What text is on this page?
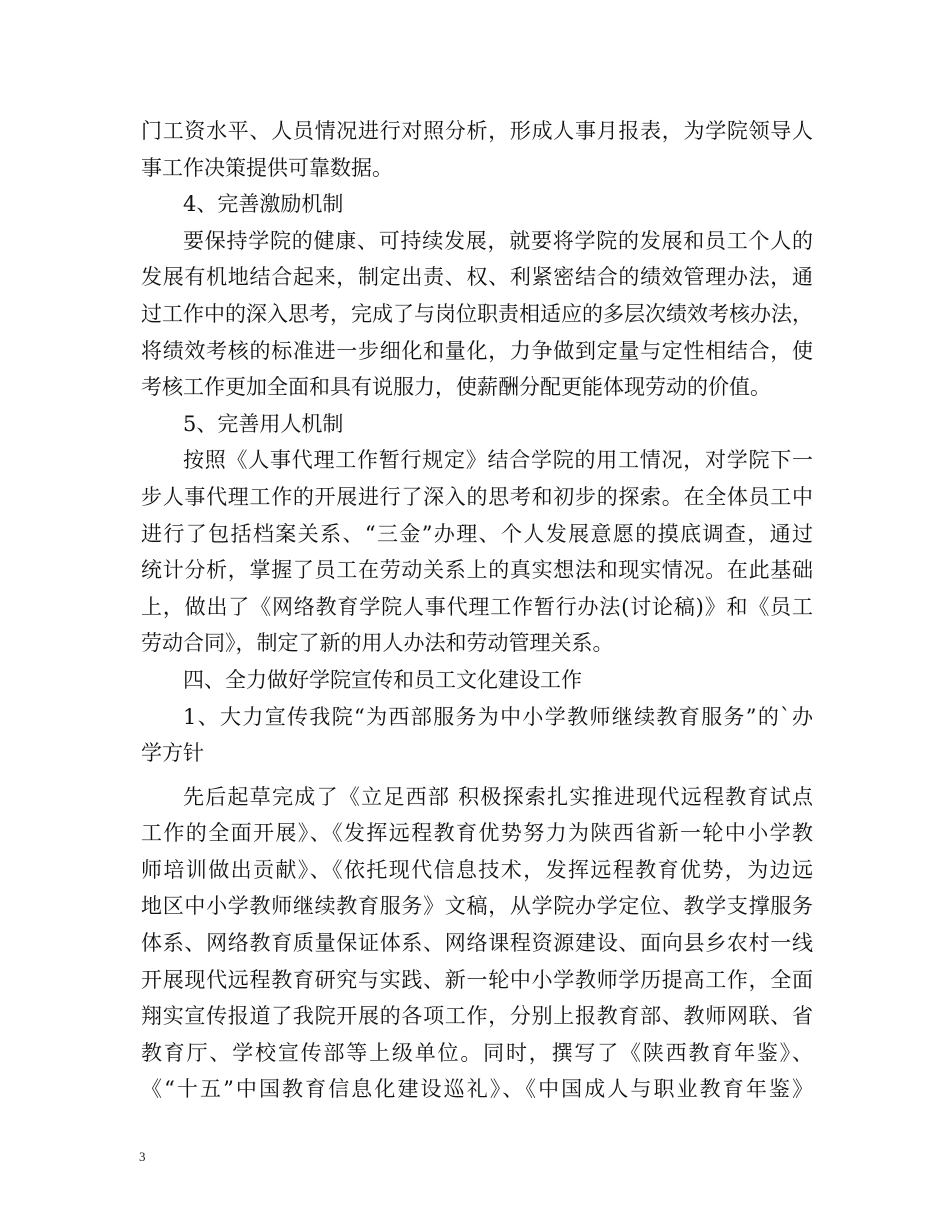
门工资水平、人员情况进行对照分析，形成人事月报表，为学院领导人
事工作决策提供可靠数据。
4、完善激励机制
要保持学院的健康、可持续发展，就要将学院的发展和员工个人的
发展有机地结合起来，制定出责、权、利紧密结合的绩效管理办法，通
过工作中的深入思考，完成了与岗位职责相适应的多层次绩效考核办法，
将绩效考核的标准进一步细化和量化，力争做到定量与定性相结合，使
考核工作更加全面和具有说服力，使薪酬分配更能体现劳动的价值。
5、完善用人机制
按照《人事代理工作暂行规定》结合学院的用工情况，对学院下一
步人事代理工作的开展进行了深入的思考和初步的探索。在全体员工中
进行了包括档案关系、“三金”办理、个人发展意愿的摸底调查，通过
统计分析，掌握了员工在劳动关系上的真实想法和现实情况。在此基础
上，做出了《网络教育学院人事代理工作暂行办法(讨论稿)》和《员工
劳动合同》，制定了新的用人办法和劳动管理关系。
四、全力做好学院宣传和员工文化建设工作
1、大力宣传我院“为西部服务为中小学教师继续教育服务”的`办
学方针
先后起草完成了《立足西部 积极探索扎实推进现代远程教育试点
工作的全面开展》、《发挥远程教育优势努力为陕西省新一轮中小学教
师培训做出贡献》、《依托现代信息技术，发挥远程教育优势，为边远
地区中小学教师继续教育服务》文稿，从学院办学定位、教学支撑服务
体系、网络教育质量保证体系、网络课程资源建设、面向县乡农村一线
开展现代远程教育研究与实践、新一轮中小学教师学历提高工作，全面
翔实宣传报道了我院开展的各项工作，分别上报教育部、教师网联、省
教育厅、学校宣传部等上级单位。同时，撰写了《陕西教育年鉴》、
《“十五”中国教育信息化建设巡礼》、《中国成人与职业教育年鉴》
3
